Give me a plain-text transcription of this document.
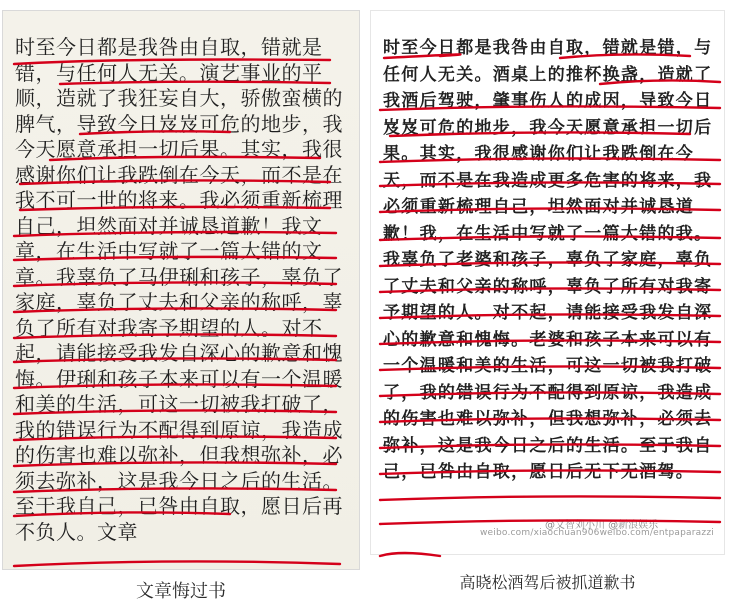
时至今日都是我咎由自取，错就是错，与任何人无关。演艺事业的平顺，造就了我狂妄自大，骄傲蛮横的脾气，导致今日岌岌可危的地步，我今天愿意承担一切后果。其实，我很感谢你们让我跌倒在今天，而不是在我不可一世的将来。我必须重新梳理自己，坦然面对并诚恳道歉！我文章，在生活中写就了一篇大错的文章。我辜负了马伊琍和孩子，辜负了家庭，辜负了丈夫和父亲的称呼，辜负了所有对我寄予期望的人。对不起，请能接受我发自深心的歉意和愧悔。伊琍和孩子本来可以有一个温暖和美的生活，可这一切被我打破了，我的错误行为不配得到原谅，我造成的伤害也难以弥补，但我想弥补，必须去弥补，这是我今日之后的生活。至于我自己，已咎由自取，愿日后再不负人。文章
文章悔过书
时至今日都是我咎由自取，错就是错，与任何人无关。酒桌上的推杯换盏，造就了我酒后驾驶，肇事伤人的成因，导致今日岌岌可危的地步，我今天愿意承担一切后果。其实，我很感谢你们让我跌倒在今天，而不是在我造成更多危害的将来，我必须重新梳理自己，坦然面对并诚恳道歉！我，在生活中写就了一篇大错的我。我辜负了老婆和孩子，辜负了家庭，辜负了丈夫和父亲的称呼，辜负了所有对我寄予期望的人。对不起，请能接受我发自深心的歉意和愧悔。老婆和孩子本来可以有一个温暖和美的生活，可这一切被我打破了，我的错误行为不配得到原谅，我造成的伤害也难以弥补，但我想弥补，必须去弥补，这是我今日之后的生活。至于我自己，已咎由自取，愿日后无下无酒驾。
@文智刘小川 @新浪娱乐
weibo.com/xiaochuan906weibo.com/entpaparazzi
高晓松酒驾后被抓道歉书
